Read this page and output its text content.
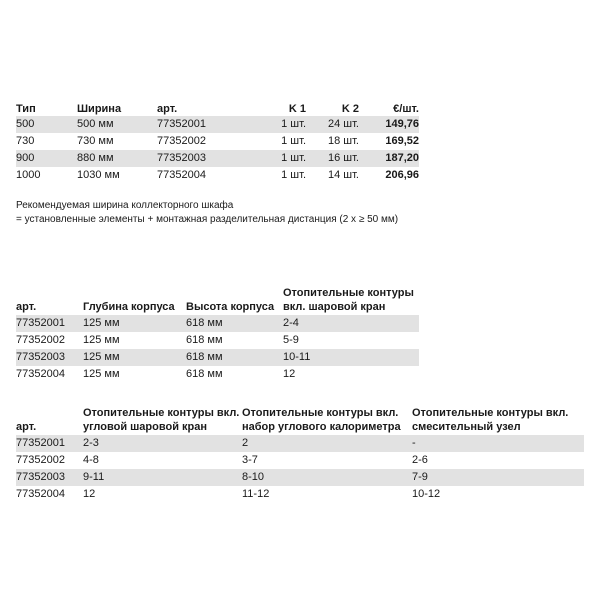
Тип	Ширина	арт.	K 1	K 2	€/шт.
500	500 мм	77352001	1 шт.	24 шт.	149,76
730	730 мм	77352002	1 шт.	18 шт.	169,52
900	880 мм	77352003	1 шт.	16 шт.	187,20
1000	1030 мм	77352004	1 шт.	14 шт.	206,96
Рекомендуемая ширина коллекторного шкафа
= установленные элементы + монтажная разделительная дистанция (2 x ≥ 50 мм)
арт.	Глубина корпуса	Высота корпуса	Отопительные контуры вкл. шаровой кран
77352001	125 мм	618 мм	2-4
77352002	125 мм	618 мм	5-9
77352003	125 мм	618 мм	10-11
77352004	125 мм	618 мм	12
арт.	Отопительные контуры вкл. угловой шаровой кран	Отопительные контуры вкл. набор углового калориметра	Отопительные контуры вкл. смесительный узел
77352001	2-3	2	-
77352002	4-8	3-7	2-6
77352003	9-11	8-10	7-9
77352004	12	11-12	10-12
